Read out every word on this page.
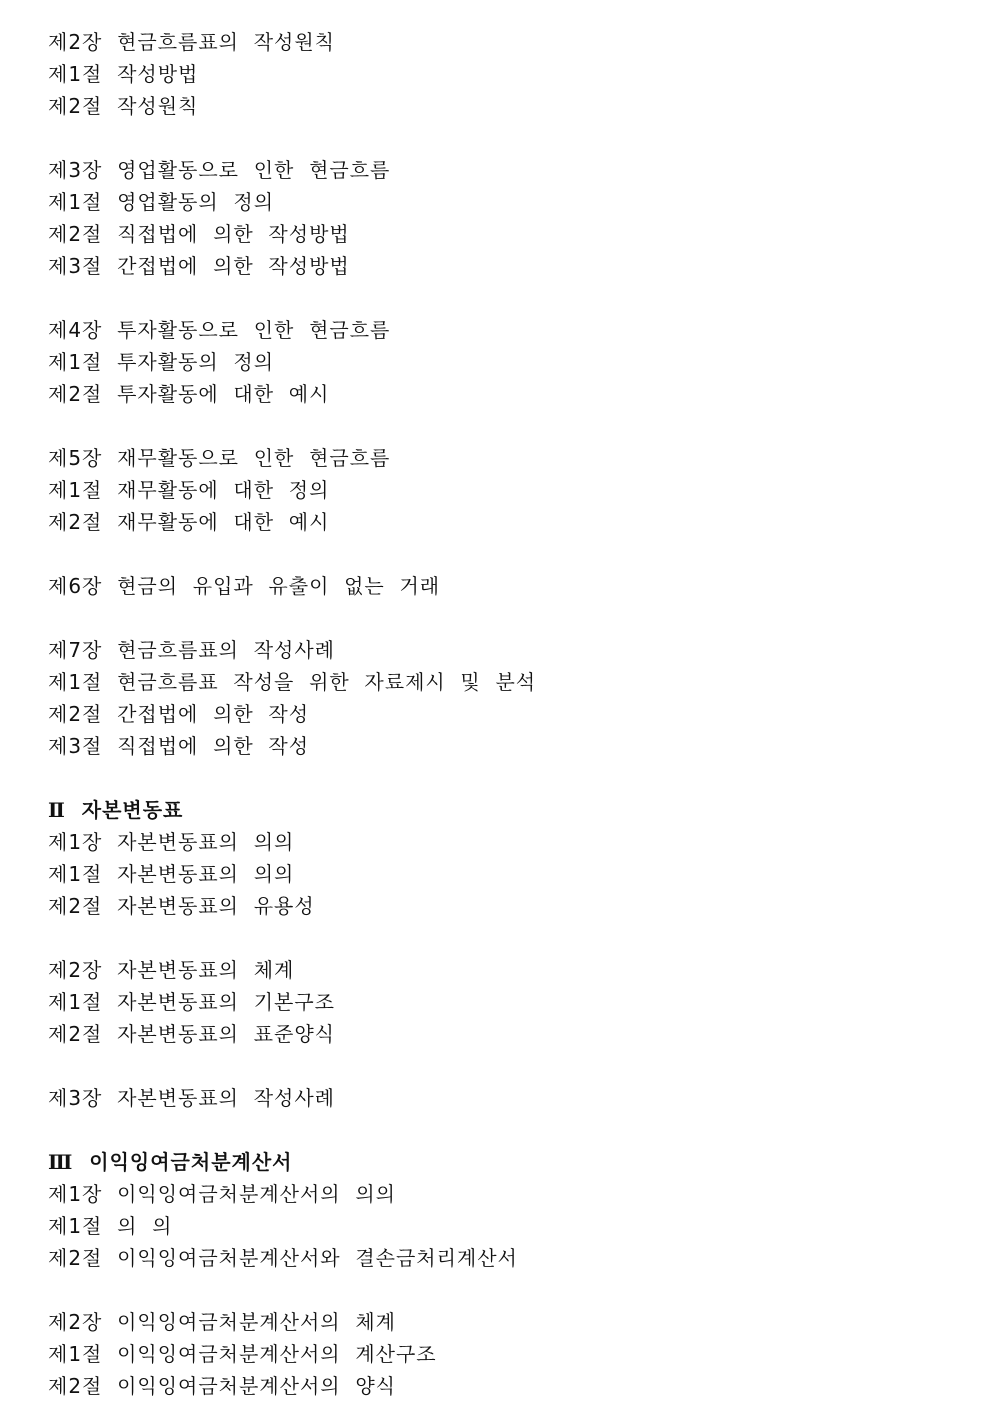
제2장  현금흐름표의  작성원칙
제1절  작성방법
제2절  작성원칙
제3장  영업활동으로  인한  현금흐름
제1절  영업활동의  정의
제2절  직접법에  의한  작성방법
제3절  간접법에  의한  작성방법
제4장  투자활동으로  인한  현금흐름
제1절  투자활동의  정의
제2절  투자활동에  대한  예시
제5장  재무활동으로  인한  현금흐름
제1절  재무활동에  대한  정의
제2절  재무활동에  대한  예시
제6장  현금의  유입과  유출이  없는  거래
제7장  현금흐름표의  작성사례
제1절  현금흐름표  작성을  위한  자료제시  및  분석
제2절  간접법에  의한  작성
제3절  직접법에  의한  작성
Ⅱ  자본변동표
제1장  자본변동표의  의의
제1절  자본변동표의  의의
제2절  자본변동표의  유용성
제2장  자본변동표의  체계
제1절  자본변동표의  기본구조
제2절  자본변동표의  표준양식
제3장  자본변동표의  작성사례
Ⅲ  이익잉여금처분계산서
제1장  이익잉여금처분계산서의  의의
제1절  의  의
제2절  이익잉여금처분계산서와  결손금처리계산서
제2장  이익잉여금처분계산서의  체계
제1절  이익잉여금처분계산서의  계산구조
제2절  이익잉여금처분계산서의  양식
